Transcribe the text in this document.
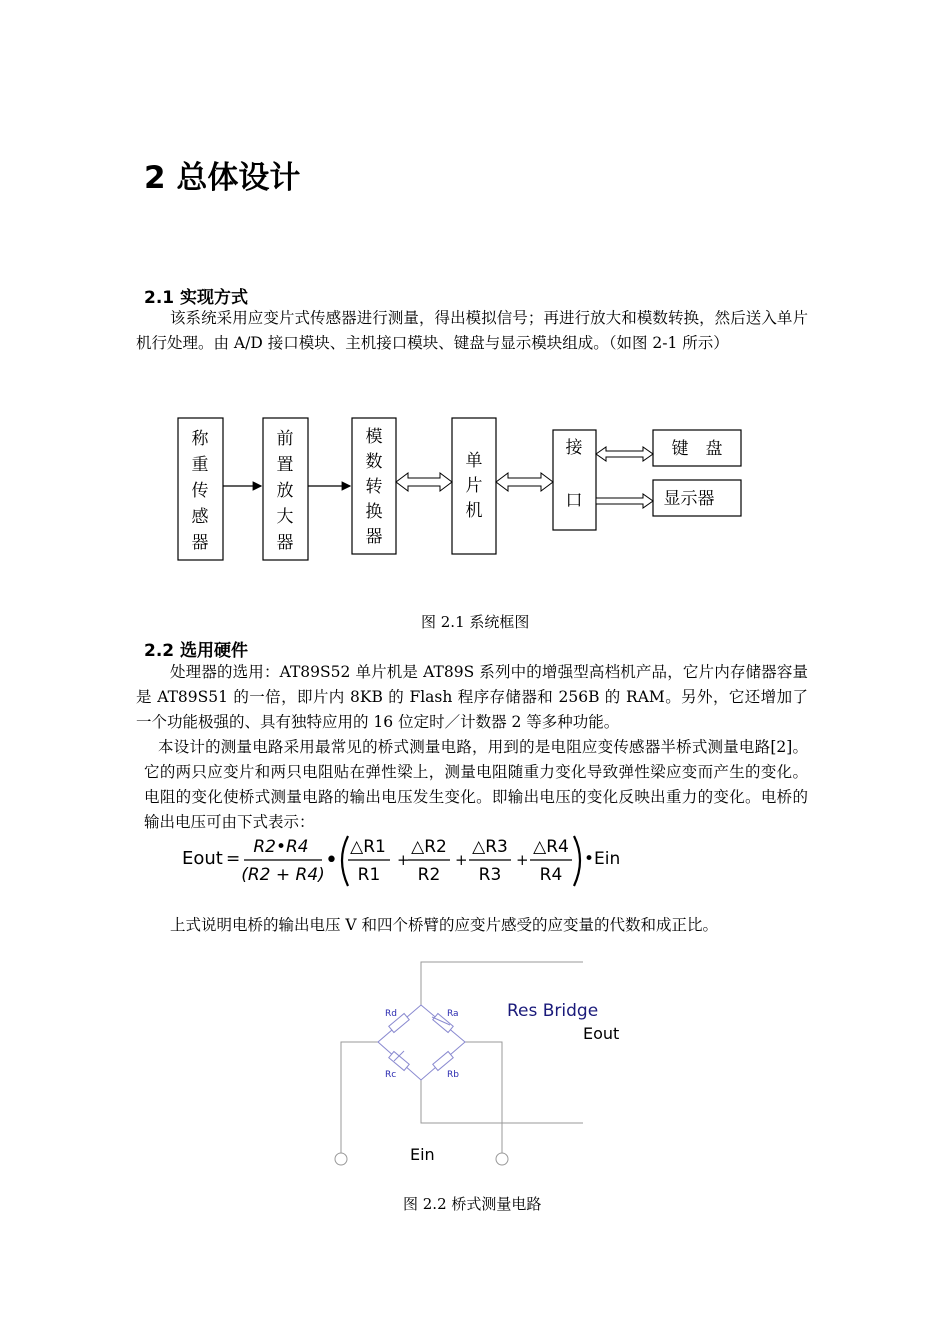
2 总体设计
2.1 实现方式
该系统采用应变片式传感器进行测量，得出模拟信号；再进行放大和模数转换，然后送入单片机行处理。由 A/D 接口模块、主机接口模块、键盘与显示模块组成。（如图 2-1 所示）
称
重
传
感
器
前
置
放
大
器
模
数
转
换
器
单
片
机
接
口
键　盘
显示器
图 2.1 系统框图
2.2 选用硬件
处理器的选用：AT89S52 单片机是 AT89S 系列中的增强型高档机产品，它片内存储器容量是 AT89S51 的一倍，即片内 8KB 的 Flash 程序存储器和 256B 的 RAM。另外，它还增加了一个功能极强的、具有独特应用的 16 位定时／计数器 2 等多种功能。
本设计的测量电路采用最常见的桥式测量电路，用到的是电阻应变传感器半桥式测量电路[2]。它的两只应变片和两只电阻贴在弹性梁上，测量电阻随重力变化导致弹性梁应变而产生的变化。电阻的变化使桥式测量电路的输出电压发生变化。即输出电压的变化反映出重力的变化。电桥的输出电压可由下式表示：
Eout =
R2•R4
(R2 + R4)
•
△R1
R1
+
△R2
R2
+
△R3
R3
+
△R4
R4
•Ein
上式说明电桥的输出电压 V 和四个桥臂的应变片感受的应变量的代数和成正比。
Rd	Ra
Rc	Rb
Res Bridge
Eout
Ein
图 2.2 桥式测量电路
